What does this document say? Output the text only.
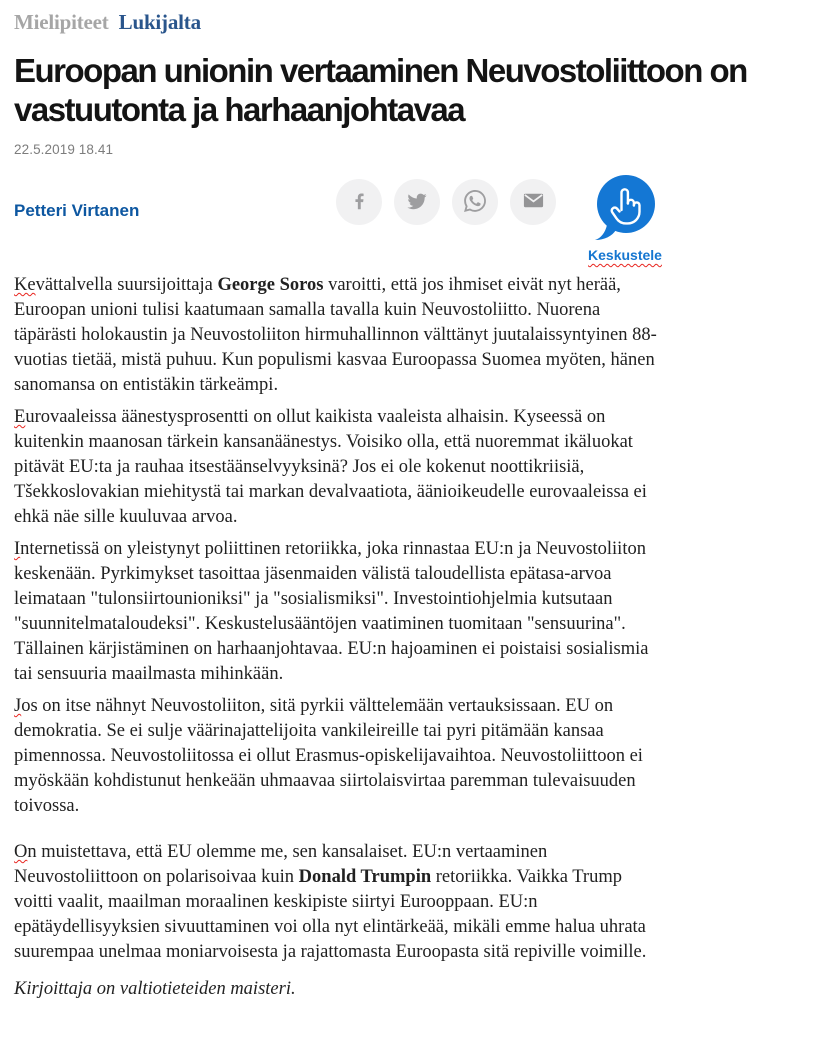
Mielipiteet Lukijalta
Euroopan unionin vertaaminen Neuvostoliittoon on vastuutonta ja harhaanjohtavaa
22.5.2019 18.41
Petteri Virtanen
Keskustele

Kevättalvella suursijoittaja George Soros varoitti, että jos ihmiset eivät nyt herää, Euroopan unioni tulisi kaatumaan samalla tavalla kuin Neuvostoliitto. Nuorena täpärästi holokaustin ja Neuvostoliiton hirmuhallinnon välttänyt juutalaissyntyinen 88-vuotias tietää, mistä puhuu. Kun populismi kasvaa Euroopassa Suomea myöten, hänen sanomansa on entistäkin tärkeämpi.

Eurovaaleissa äänestysprosentti on ollut kaikista vaaleista alhaisin. Kyseessä on kuitenkin maanosan tärkein kansanäänestys. Voisiko olla, että nuoremmat ikäluokat pitävät EU:ta ja rauhaa itsestäänselvyyksinä? Jos ei ole kokenut noottikriisiä, Tšekkoslovakian miehitystä tai markan devalvaatiota, äänioikeudelle eurovaaleissa ei ehkä näe sille kuuluvaa arvoa.

Internetissä on yleistynyt poliittinen retoriikka, joka rinnastaa EU:n ja Neuvostoliiton keskenään. Pyrkimykset tasoittaa jäsenmaiden välistä taloudellista epätasa-arvoa leimataan "tulonsiirtounioniksi" ja "sosialismiksi". Investointiohjelmia kutsutaan "suunnitelmataloudeksi". Keskustelusääntöjen vaatiminen tuomitaan "sensuurina". Tällainen kärjistäminen on harhaanjohtavaa. EU:n hajoaminen ei poistaisi sosialismia tai sensuuria maailmasta mihinkään.

Jos on itse nähnyt Neuvostoliiton, sitä pyrkii välttelemään vertauksissaan. EU on demokratia. Se ei sulje väärinajattelijoita vankileireille tai pyri pitämään kansaa pimennossa. Neuvostoliitossa ei ollut Erasmus-opiskelijavaihtoa. Neuvostoliittoon ei myöskään kohdistunut henkeään uhmaavaa siirtolaisvirtaa paremman tulevaisuuden toivossa.

On muistettava, että EU olemme me, sen kansalaiset. EU:n vertaaminen Neuvostoliittoon on polarisoivaa kuin Donald Trumpin retoriikka. Vaikka Trump voitti vaalit, maailman moraalinen keskipiste siirtyi Eurooppaan. EU:n epätäydellisyyksien sivuuttaminen voi olla nyt elintärkeää, mikäli emme halua uhrata suurempaa unelmaa moniarvoisesta ja rajattomasta Euroopasta sitä repiville voimille.

Kirjoittaja on valtiotieteiden maisteri.
